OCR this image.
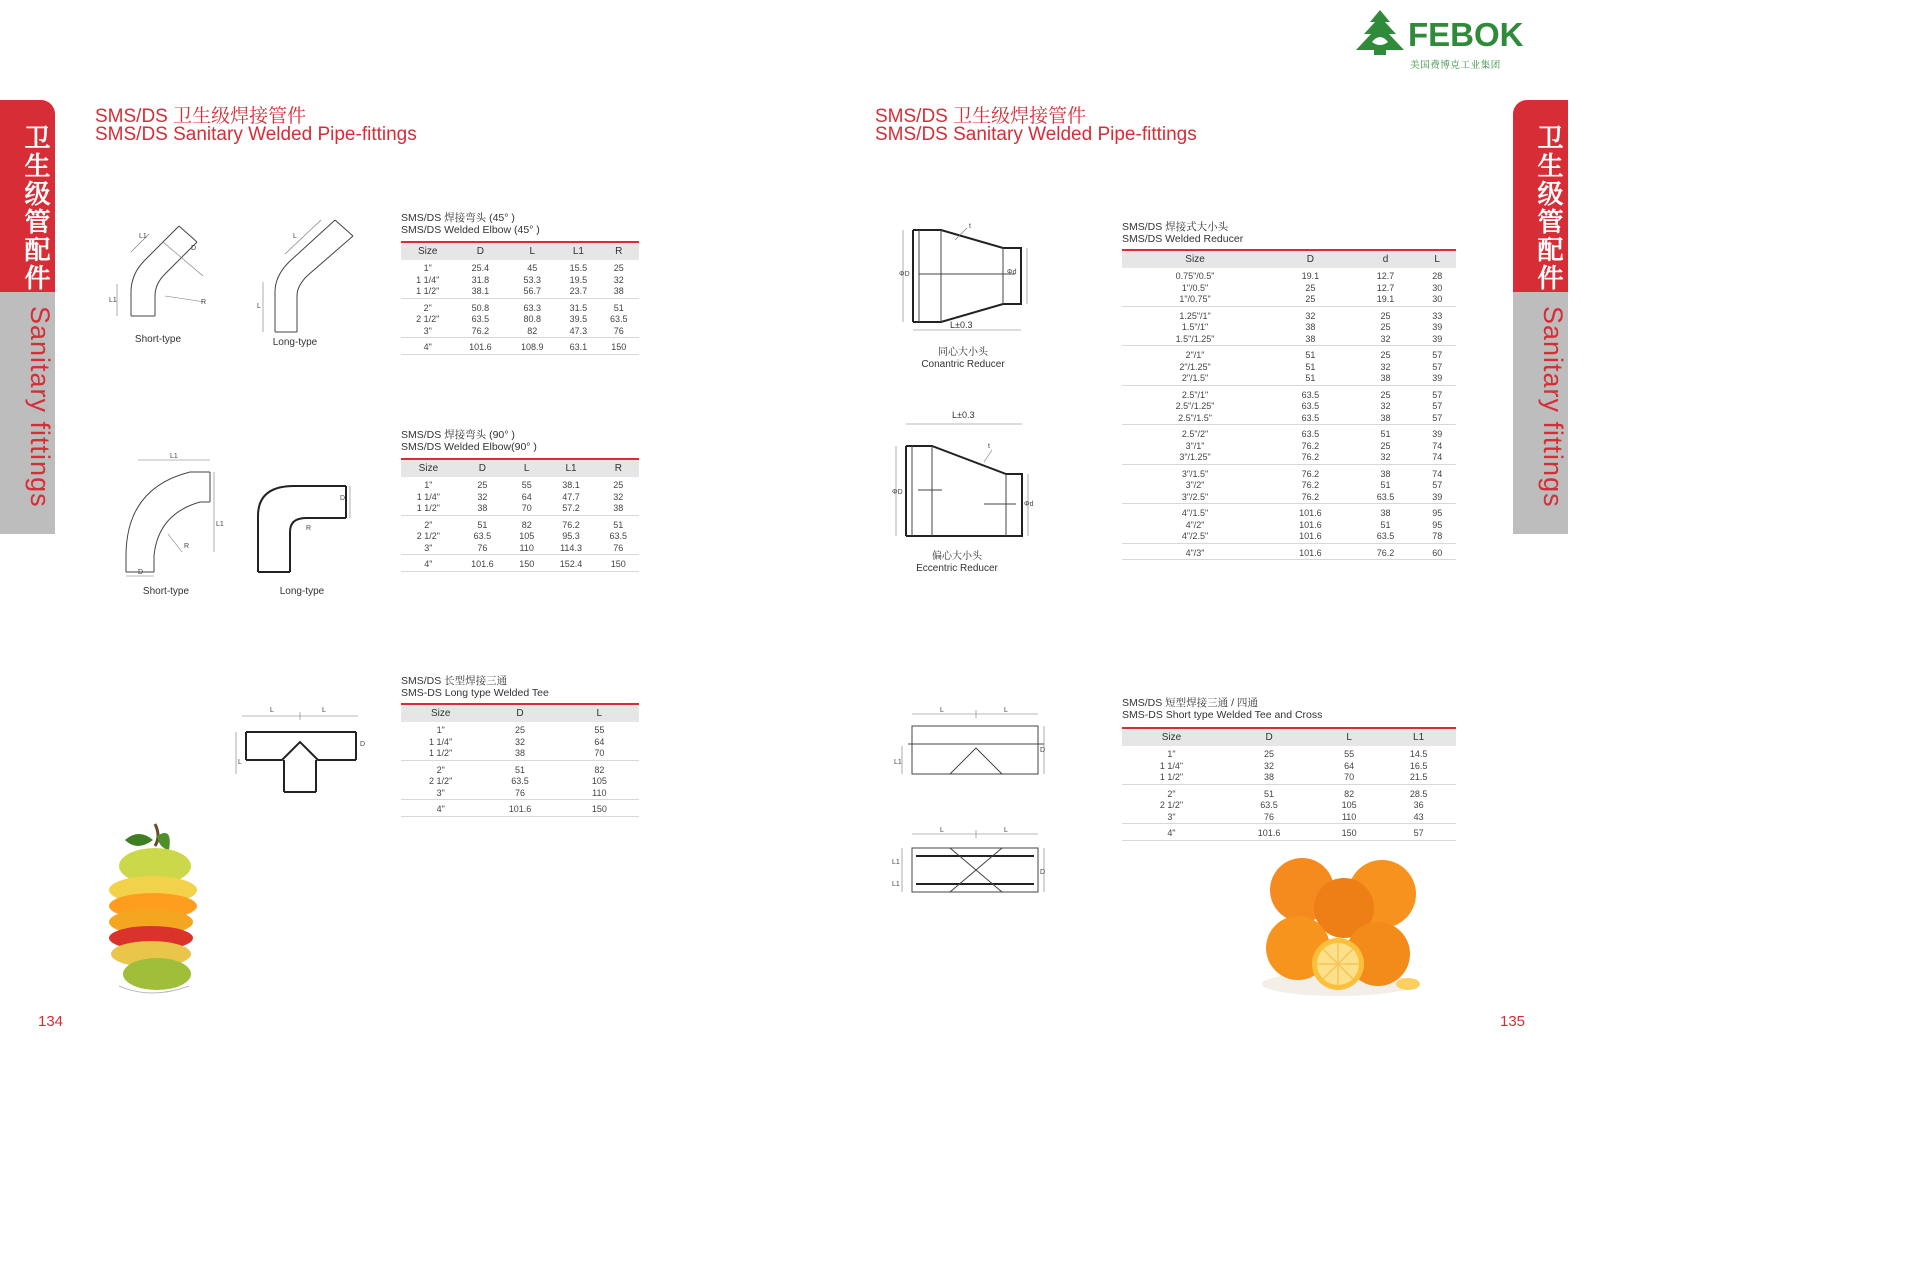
卫生级管配件
Sanitary fittings
卫生级管配件
Sanitary fittings
FEBOK
美国费博克工业集团
SMS/DS 卫生级焊接管件
SMS/DS Sanitary Welded Pipe-fittings
SMS/DS 卫生级焊接管件
SMS/DS Sanitary Welded Pipe-fittings
L1
L1
D
R
Short-type
L
L
Long-type
SMS/DS 焊接弯头 (45° )
SMS/DS Welded Elbow (45° )
Size	D	L	L1	R
1"	25.4	45	15.5	25
1 1/4"	31.8	53.3	19.5	32
1 1/2"	38.1	56.7	23.7	38
2"	50.8	63.3	31.5	51
2 1/2"	63.5	80.8	39.5	63.5
3"	76.2	82	47.3	76
4"	101.6	108.9	63.1	150
L1
L1
D
R
Short-type
D
R
Long-type
SMS/DS 焊接弯头 (90° )
SMS/DS Welded Elbow(90° )
Size	D	L	L1	R
1"	25	55	38.1	25
1 1/4"	32	64	47.7	32
1 1/2"	38	70	57.2	38
2"	51	82	76.2	51
2 1/2"	63.5	105	95.3	63.5
3"	76	110	114.3	76
4"	101.6	150	152.4	150
L	L
L
D
SMS/DS 长型焊接三通
SMS-DS Long type Welded Tee
Size	D	L
1"	25	55
1 1/4"	32	64
1 1/2"	38	70
2"	51	82
2 1/2"	63.5	105
3"	76	110
4"	101.6	150
ΦD	Φd
t
L±0.3
同心大小头
Conantric Reducer
L±0.3
ΦD
Φd
t
偏心大小头
Eccentric Reducer
SMS/DS 焊接式大小头
SMS/DS Welded Reducer
Size	D	d	L
0.75"/0.5"	19.1	12.7	28
1"/0.5"	25	12.7	30
1"/0.75"	25	19.1	30
1.25"/1"	32	25	33
1.5"/1"	38	25	39
1.5"/1.25"	38	32	39
2"/1"	51	25	57
2"/1.25"	51	32	57
2"/1.5"	51	38	39
2.5"/1"	63.5	25	57
2.5"/1.25"	63.5	32	57
2.5"/1.5"	63.5	38	57
2.5"/2"	63.5	51	39
3"/1"	76.2	25	74
3"/1.25"	76.2	32	74
3"/1.5"	76.2	38	74
3"/2"	76.2	51	57
3"/2.5"	76.2	63.5	39
4"/1.5"	101.6	38	95
4"/2"	101.6	51	95
4"/2.5"	101.6	63.5	78
4"/3"	101.6	76.2	60
L	L
L1
D
L	L
L1
L1
D
SMS/DS 短型焊接三通 / 四通
SMS-DS Short type Welded Tee and Cross
Size	D	L	L1
1"	25	55	14.5
1 1/4"	32	64	16.5
1 1/2"	38	70	21.5
2"	51	82	28.5
2 1/2"	63.5	105	36
3"	76	110	43
4"	101.6	150	57
134	135
